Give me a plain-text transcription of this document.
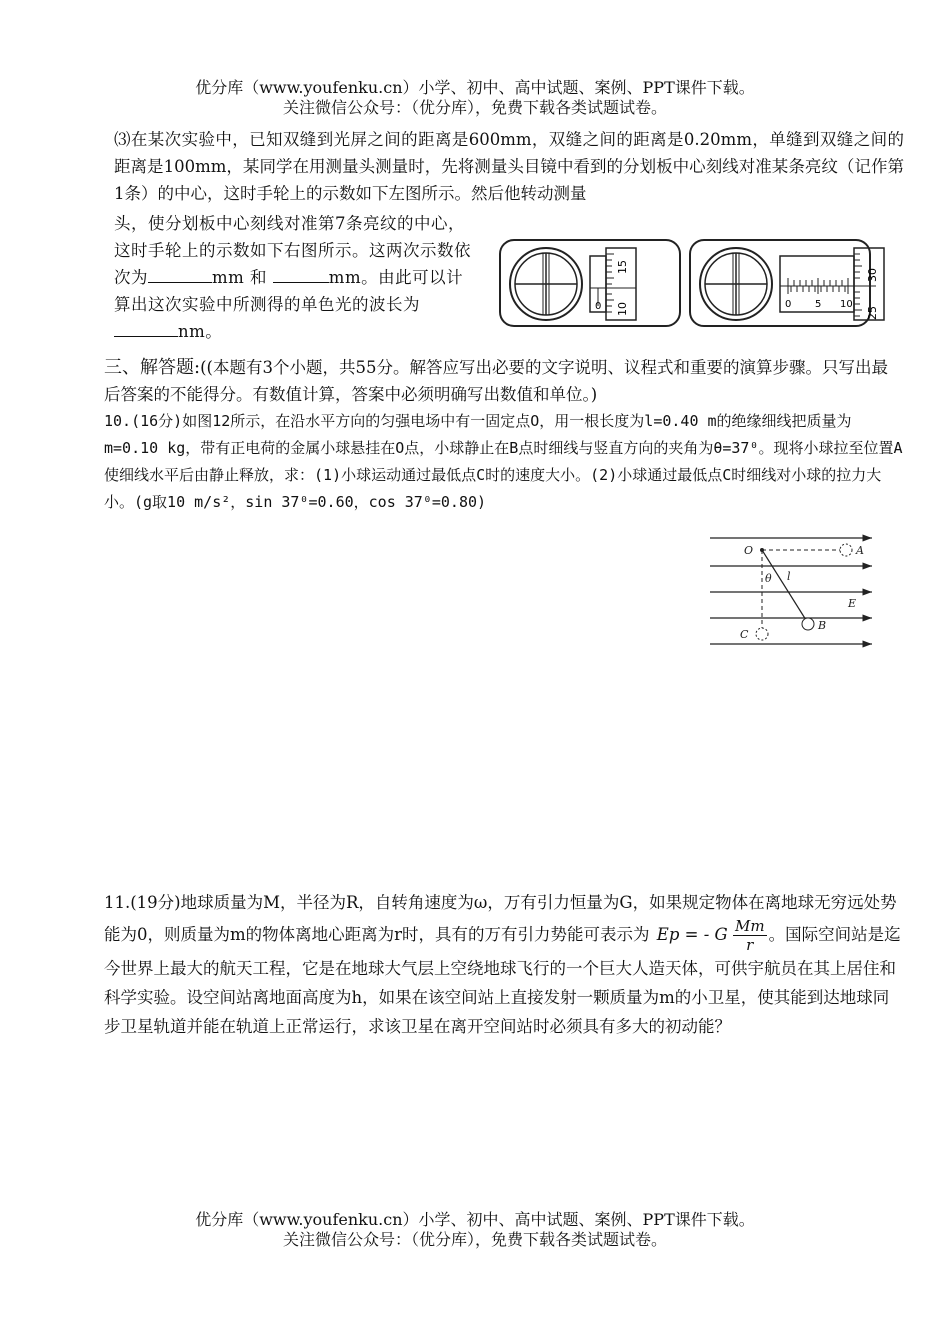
优分库（www.youfenku.cn）小学、初中、高中试题、案例、PPT课件下载。
关注微信公众号：（优分库），免费下载各类试题试卷。
⑶在某次实验中，已知双缝到光屏之间的距离是600mm，双缝之间的距离是0.20mm，单缝到双缝之间的距离是100mm，某同学在用测量头测量时，先将测量头目镜中看到的分划板中心刻线对准某条亮纹（记作第1条）的中心，这时手轮上的示数如下左图所示。然后他转动测量
头，使分划板中心刻线对准第7条亮纹的中心，这时手轮上的示数如下右图所示。这两次示数依次为	mm 和	mm。由此可以计算出这次实验中所测得的单色光的波长为nm。
15
10
0	0 5 10
30
25
三、解答题:((本题有3个小题，共55分。解答应写出必要的文字说明、议程式和重要的演算步骤。只写出最后答案的不能得分。有数值计算，答案中必须明确写出数值和单位。)
10.(16分)如图12所示，在沿水平方向的匀强电场中有一固定点O，用一根长度为l=0.40 m的绝缘细线把质量为m=0.10 kg，带有正电荷的金属小球悬挂在O点，小球静止在B点时细线与竖直方向的夹角为θ=37⁰。现将小球拉至位置A使细线水平后由静止释放，求：(1)小球运动通过最低点C时的速度大小。(2)小球通过最低点C时细线对小球的拉力大小。(g取10 m/s²，sin 37⁰=0.60，cos 37⁰=0.80)
O	A
θ l
E
B
C
11.(19分)地球质量为M，半径为R，自转角速度为ω，万有引力恒量为G，如果规定物体在离地球无穷远处势能为0，则质量为m的物体离地心距离为r时，具有的万有引力势能可表示为 Ep = - G $\frac{Mm}{r}$ 。国际空间站是迄今世界上最大的航天工程，它是在地球大气层上空绕地球飞行的一个巨大人造天体，可供宇航员在其上居住和科学实验。设空间站离地面高度为h，如果在该空间站上直接发射一颗质量为m的小卫星，使其能到达地球同步卫星轨道并能在轨道上正常运行，求该卫星在离开空间站时必须具有多大的初动能？
优分库（www.youfenku.cn）小学、初中、高中试题、案例、PPT课件下载。
关注微信公众号：（优分库），免费下载各类试题试卷。
